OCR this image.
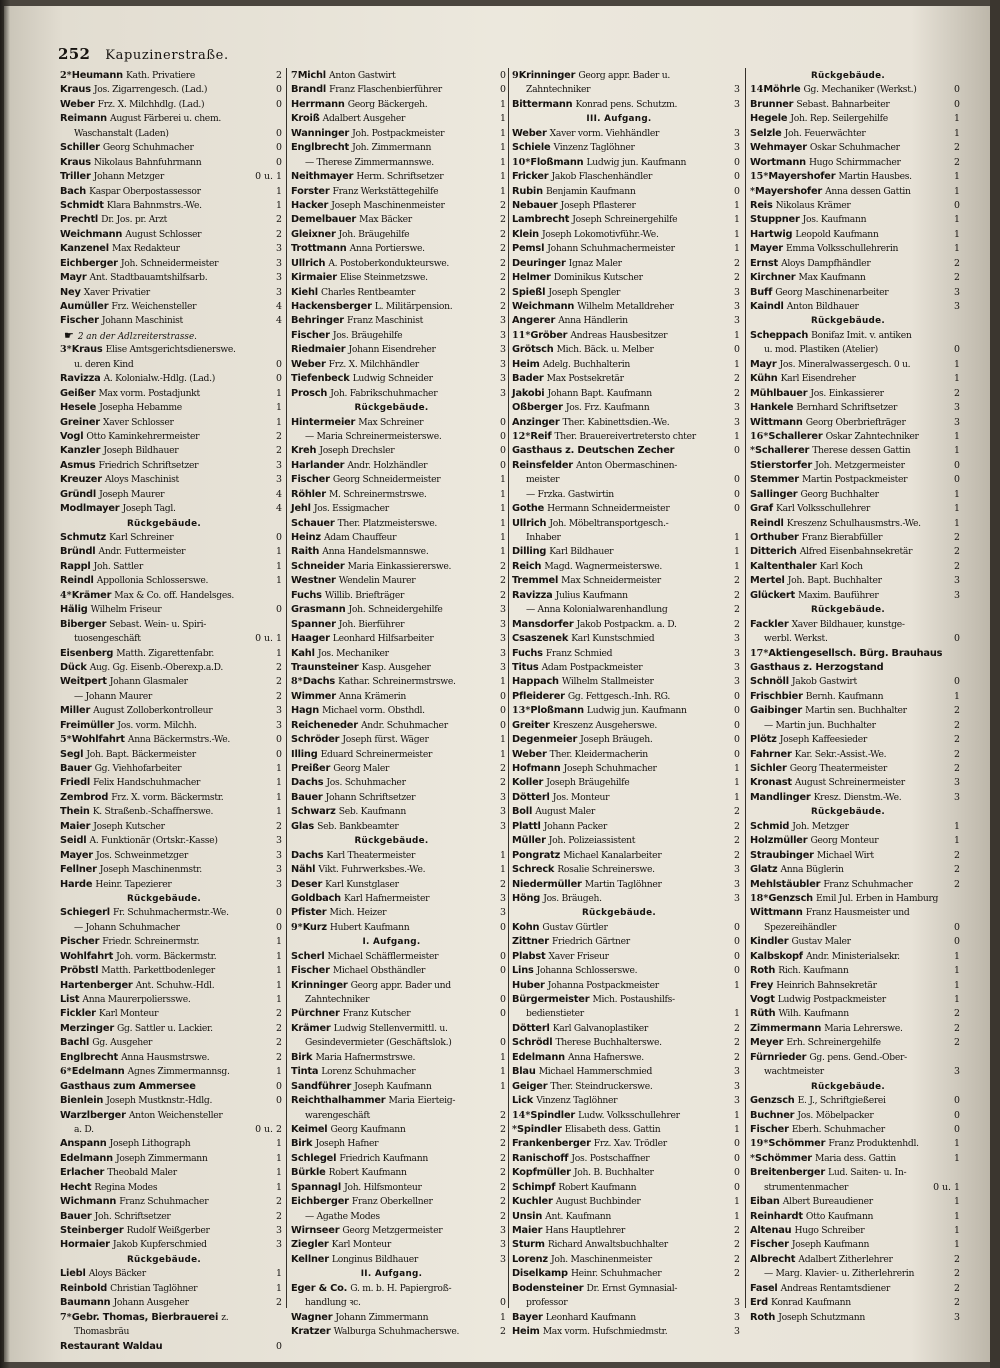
252 Kapuzinerstraße.
2*Heumann Kath. Privatiere	2
Kraus Jos. Zigarrengesch. (Lad.)	0
Weber Frz. X. Milchhdlg. (Lad.)	0
Reimann August Färberei u. chem.
Waschanstalt (Laden)	0
Schiller Georg Schuhmacher	0
Kraus Nikolaus Bahnfuhrmann	0
Triller Johann Metzger	0 u. 1
Bach Kaspar Oberpostassessor	1
Schmidt Klara Bahnmstrs.-We.	1
Prechtl Dr. Jos. pr. Arzt	2
Weichmann August Schlosser	2
Kanzenel Max Redakteur	3
Eichberger Joh. Schneidermeister	3
Mayr Ant. Stadtbauamtshilfsarb.	3
Ney Xaver Privatier	3
Aumüller Frz. Weichensteller	4
Fischer Johann Maschinist	4
☛ 2 an der Adlzreiterstrasse.
3*Kraus Elise Amtsgerichtsdienerswe.
u. deren Kind	0
Ravizza A. Kolonialw.-Hdlg. (Lad.)	0
Geißer Max vorm. Postadjunkt	1
Hesele Josepha Hebamme	1
Greiner Xaver Schlosser	1
Vogl Otto Kaminkehrermeister	2
Kanzler Joseph Bildhauer	2
Asmus Friedrich Schriftsetzer	3
Kreuzer Aloys Maschinist	3
Gründl Joseph Maurer	4
Modlmayer Joseph Tagl.	4
Rückgebäude.
Schmutz Karl Schreiner	0
Bründl Andr. Futtermeister	1
Rappl Joh. Sattler	1
Reindl Appollonia Schlosserswe.	1
4*Krämer Max & Co. off. Handelsges.
Hälig Wilhelm Friseur	0
Biberger Sebast. Wein- u. Spiri-
tuosengeschäft	0 u. 1
Eisenberg Matth. Zigarettenfabr.	1
Dück Aug. Gg. Eisenb.-Oberexp.a.D.	2
Weitpert Johann Glasmaler	2
— Johann Maurer	2
Miller August Zolloberkontrolleur	3
Freimüller Jos. vorm. Milchh.	3
5*Wohlfahrt Anna Bäckermstrs.-We.	0
Segl Joh. Bapt. Bäckermeister	0
Bauer Gg. Viehhofarbeiter	1
Friedl Felix Handschuhmacher	1
Zembrod Frz. X. vorm. Bäckermstr.	1
Thein K. Straßenb.-Schaffnerswe.	1
Maier Joseph Kutscher	2
Seidl A. Funktionär (Ortskr.-Kasse)	3
Mayer Jos. Schweinmetzger	3
Fellner Joseph Maschinenmstr.	3
Harde Heinr. Tapezierer	3
Rückgebäude.
Schiegerl Fr. Schuhmachermstr.-We.	0
— Johann Schuhmacher	0
Pischer Friedr. Schreinermstr.	1
Wohlfahrt Joh. vorm. Bäckermstr.	1
Pröbstl Matth. Parkettbodenleger	1
Hartenberger Ant. Schuhw.-Hdl.	1
List Anna Maurerpoliersswe.	1
Fickler Karl Monteur	2
Merzinger Gg. Sattler u. Lackier.	2
Bachl Gg. Ausgeher	2
Englbrecht Anna Hausmstrswe.	2
6*Edelmann Agnes Zimmermannsg.	1
Gasthaus zum Ammersee	0
Bienlein Joseph Mustknstr.-Hdlg.	0
Warzlberger Anton Weichensteller
a. D.	0 u. 2
Anspann Joseph Lithograph	1
Edelmann Joseph Zimmermann	1
Erlacher Theobald Maler	1
Hecht Regina Modes	1
Wichmann Franz Schuhmacher	2
Bauer Joh. Schriftsetzer	2
Steinberger Rudolf Weißgerber	3
Hormaier Jakob Kupferschmied	3
Rückgebäude.
Liebl Aloys Bäcker	1
Reinbold Christian Taglöhner	1
Baumann Johann Ausgeher	2
7*Gebr. Thomas, Bierbrauerei z.
Thomasbräu
Restaurant Waldau	0
7Michl Anton Gastwirt	0
Brandl Franz Flaschenbierführer	0
Herrmann Georg Bäckergeh.	1
Kroiß Adalbert Ausgeher	1
Wanninger Joh. Postpackmeister	1
Englbrecht Joh. Zimmermann	1
— Therese Zimmermannswe.	1
Neithmayer Herm. Schriftsetzer	1
Forster Franz Werkstättegehilfe	1
Hacker Joseph Maschinenmeister	2
Demelbauer Max Bäcker	2
Gleixner Joh. Bräugehilfe	2
Trottmann Anna Portierswe.	2
Ullrich A. Postoberkondukteurswe.	2
Kirmaier Elise Steinmetzswe.	2
Kiehl Charles Rentbeamter	2
Hackensberger L. Militärpension.	2
Behringer Franz Maschinist	3
Fischer Jos. Bräugehilfe	3
Riedmaier Johann Eisendreher	3
Weber Frz. X. Milchhändler	3
Tiefenbeck Ludwig Schneider	3
Prosch Joh. Fabrikschuhmacher	3
Rückgebäude.
Hintermeier Max Schreiner	0
— Maria Schreinermeisterswe.	0
Kreh Joseph Drechsler	0
Harlander Andr. Holzhändler	0
Fischer Georg Schneidermeister	1
Röhler M. Schreinermstrswe.	1
Jehl Jos. Essigmacher	1
Schauer Ther. Platzmeisterswe.	1
Heinz Adam Chauffeur	1
Raith Anna Handelsmannswe.	1
Schneider Maria Einkassiererswe.	2
Westner Wendelin Maurer	2
Fuchs Willib. Briefträger	2
Grasmann Joh. Schneidergehilfe	3
Spanner Joh. Bierführer	3
Haager Leonhard Hilfsarbeiter	3
Kahl Jos. Mechaniker	3
Traunsteiner Kasp. Ausgeher	3
8*Dachs Kathar. Schreinermstrswe.	1
Wimmer Anna Krämerin	0
Hagn Michael vorm. Obsthdl.	0
Reicheneder Andr. Schuhmacher	0
Schröder Joseph fürst. Wäger	1
Illing Eduard Schreinermeister	1
Preißer Georg Maler	2
Dachs Jos. Schuhmacher	2
Bauer Johann Schriftsetzer	3
Schwarz Seb. Kaufmann	3
Glas Seb. Bankbeamter	3
Rückgebäude.
Dachs Karl Theatermeister	1
Nähl Vikt. Fuhrwerksbes.-We.	1
Deser Karl Kunstglaser	2
Goldbach Karl Hafnermeister	3
Pfister Mich. Heizer	3
9*Kurz Hubert Kaufmann	0
I. Aufgang.
Scherl Michael Schäfflermeister	0
Fischer Michael Obsthändler	0
Krinninger Georg appr. Bader und
Zahntechniker	0
Pürchner Franz Kutscher	0
Krämer Ludwig Stellenvermittl. u.
Gesindevermieter (Geschäftslok.)	0
Birk Maria Hafnermstrswe.	1
Tinta Lorenz Schuhmacher	1
Sandführer Joseph Kaufmann	1
Reichthalhammer Maria Eierteig-
warengeschäft	2
Keimel Georg Kaufmann	2
Birk Joseph Hafner	2
Schlegel Friedrich Kaufmann	2
Bürkle Robert Kaufmann	2
Spannagl Joh. Hilfsmonteur	2
Eichberger Franz Oberkellner	2
— Agathe Modes	2
Wirnseer Georg Metzgermeister	3
Ziegler Karl Monteur	3
Kellner Longinus Bildhauer	3
II. Aufgang.
Eger & Co. G. m. b. H. Papiergroß-
handlung ꝛc.	0
Wagner Johann Zimmermann	1
Kratzer Walburga Schuhmacherswe.	2
9Krinninger Georg appr. Bader u.
Zahntechniker	3
Bittermann Konrad pens. Schutzm.	3
III. Aufgang.
Weber Xaver vorm. Viehhändler	3
Schiele Vinzenz Taglöhner	3
10*Floßmann Ludwig jun. Kaufmann	0
Fricker Jakob Flaschenhändler	0
Rubin Benjamin Kaufmann	0
Nebauer Joseph Pflasterer	1
Lambrecht Joseph Schreinergehilfe	1
Klein Joseph Lokomotivführ.-We.	1
Pemsl Johann Schuhmachermeister	1
Deuringer Ignaz Maler	2
Helmer Dominikus Kutscher	2
Spießl Joseph Spengler	3
Weichmann Wilhelm Metalldreher	3
Angerer Anna Händlerin	3
11*Gröber Andreas Hausbesitzer	1
Grötsch Mich. Bäck. u. Melber	0
Heim Adelg. Buchhalterin	1
Bader Max Postsekretär	2
Jakobi Johann Bapt. Kaufmann	2
Oßberger Jos. Frz. Kaufmann	3
Anzinger Ther. Kabinettsdien.-We.	3
12*Reif Ther. Brauereivertretersto chter	1
Gasthaus z. Deutschen Zecher	0
Reinsfelder Anton Obermaschinen-
meister	0
— Frzka. Gastwirtin	0
Gothe Hermann Schneidermeister	0
Ullrich Joh. Möbeltransportgesch.-
Inhaber	1
Dilling Karl Bildhauer	1
Reich Magd. Wagnermeisterswe.	1
Tremmel Max Schneidermeister	2
Ravizza Julius Kaufmann	2
— Anna Kolonialwarenhandlung	2
Mansdorfer Jakob Postpackm. a. D.	2
Csaszenek Karl Kunstschmied	3
Fuchs Franz Schmied	3
Titus Adam Postpackmeister	3
Happach Wilhelm Stallmeister	3
Pfleiderer Gg. Fettgesch.-Inh. RG.	0
13*Ploßmann Ludwig jun. Kaufmann	0
Greiter Kreszenz Ausgeherswe.	0
Degenmeier Joseph Bräugeh.	0
Weber Ther. Kleidermacherin	0
Hofmann Joseph Schuhmacher	1
Koller Joseph Bräugehilfe	1
Dötterl Jos. Monteur	1
Boll August Maler	2
Plattl Johann Packer	2
Müller Joh. Polizeiassistent	2
Pongratz Michael Kanalarbeiter	2
Schreck Rosalie Schreinerswe.	3
Niedermüller Martin Taglöhner	3
Höng Jos. Bräugeh.	3
Rückgebäude.
Kohn Gustav Gürtler	0
Zittner Friedrich Gärtner	0
Plabst Xaver Friseur	0
Lins Johanna Schlosserswe.	0
Huber Johanna Postpackmeister	1
Bürgermeister Mich. Postaushilfs-
bedienstieter	1
Dötterl Karl Galvanoplastiker	2
Schrödl Therese Buchhalterswe.	2
Edelmann Anna Hafnerswe.	2
Blau Michael Hammerschmied	3
Geiger Ther. Steindruckerswe.	3
Lick Vinzenz Taglöhner	3
14*Spindler Ludw. Volksschullehrer	1
*Spindler Elisabeth dess. Gattin	1
Frankenberger Frz. Xav. Trödler	0
Ranischoff Jos. Postschaffner	0
Kopfmüller Joh. B. Buchhalter	0
Schimpf Robert Kaufmann	0
Kuchler August Buchbinder	1
Unsin Ant. Kaufmann	1
Maier Hans Hauptlehrer	2
Sturm Richard Anwaltsbuchhalter	2
Lorenz Joh. Maschinenmeister	2
Diselkamp Heinr. Schuhmacher	2
Bodensteiner Dr. Ernst Gymnasial-
professor	3
Bayer Leonhard Kaufmann	3
Heim Max vorm. Hufschmiedmstr.	3
Rückgebäude.
14Möhrle Gg. Mechaniker (Werkst.)	0
Brunner Sebast. Bahnarbeiter	0
Hegele Joh. Rep. Seilergehilfe	1
Selzle Joh. Feuerwächter	1
Wehmayer Oskar Schuhmacher	2
Wortmann Hugo Schirmmacher	2
15*Mayershofer Martin Hausbes.	1
*Mayershofer Anna dessen Gattin	1
Reis Nikolaus Krämer	0
Stuppner Jos. Kaufmann	1
Hartwig Leopold Kaufmann	1
Mayer Emma Volksschullehrerin	1
Ernst Aloys Dampfhändler	2
Kirchner Max Kaufmann	2
Buff Georg Maschinenarbeiter	3
Kaindl Anton Bildhauer	3
Rückgebäude.
Scheppach Bonifaz Imit. v. antiken
u. mod. Plastiken (Atelier)	0
Mayr Jos. Mineralwassergesch. 0 u.	1
Kühn Karl Eisendreher	1
Mühlbauer Jos. Einkassierer	2
Hankele Bernhard Schriftsetzer	3
Wittmann Georg Oberbriefträger	3
16*Schallerer Oskar Zahntechniker	1
*Schallerer Therese dessen Gattin	1
Stierstorfer Joh. Metzgermeister	0
Stemmer Martin Postpackmeister	0
Sallinger Georg Buchhalter	1
Graf Karl Volksschullehrer	1
Reindl Kreszenz Schulhausmstrs.-We.	1
Orthuber Franz Bierabfüller	2
Ditterich Alfred Eisenbahnsekretär	2
Kaltenthaler Karl Koch	2
Mertel Joh. Bapt. Buchhalter	3
Glückert Maxim. Bauführer	3
Rückgebäude.
Fackler Xaver Bildhauer, kunstge-
werbl. Werkst.	0
17*Aktiengesellsch. Bürg. Brauhaus
Gasthaus z. Herzogstand
Schnöll Jakob Gastwirt	0
Frischbier Bernh. Kaufmann	1
Gaibinger Martin sen. Buchhalter	2
— Martin jun. Buchhalter	2
Plötz Joseph Kaffeesieder	2
Fahrner Kar. Sekr.-Assist.-We.	2
Sichler Georg Theatermeister	2
Kronast August Schreinermeister	3
Mandlinger Kresz. Dienstm.-We.	3
Rückgebäude.
Schmid Joh. Metzger	1
Holzmüller Georg Monteur	1
Straubinger Michael Wirt	2
Glatz Anna Büglerin	2
Mehlstäubler Franz Schuhmacher	2
18*Genzsch Emil Jul. Erben in Hamburg
Wittmann Franz Hausmeister und
Spezereihändler	0
Kindler Gustav Maler	0
Kalbskopf Andr. Ministerialsekr.	1
Roth Rich. Kaufmann	1
Frey Heinrich Bahnsekretär	1
Vogt Ludwig Postpackmeister	1
Rüth Wilh. Kaufmann	2
Zimmermann Maria Lehrerswe.	2
Meyer Erh. Schreinergehilfe	2
Fürnrieder Gg. pens. Gend.-Ober-
wachtmeister	3
Rückgebäude.
Genzsch E. J., Schriftgießerei	0
Buchner Jos. Möbelpacker	0
Fischer Eberh. Schuhmacher	0
19*Schömmer Franz Produktenhdl.	1
*Schömmer Maria dess. Gattin	1
Breitenberger Lud. Saiten- u. In-
strumentenmacher	0 u. 1
Eiban Albert Bureaudiener	1
Reinhardt Otto Kaufmann	1
Altenau Hugo Schreiber	1
Fischer Joseph Kaufmann	1
Albrecht Adalbert Zitherlehrer	2
— Marg. Klavier- u. Zitherlehrerin	2
Fasel Andreas Rentamtsdiener	2
Erd Konrad Kaufmann	2
Roth Joseph Schutzmann	3
